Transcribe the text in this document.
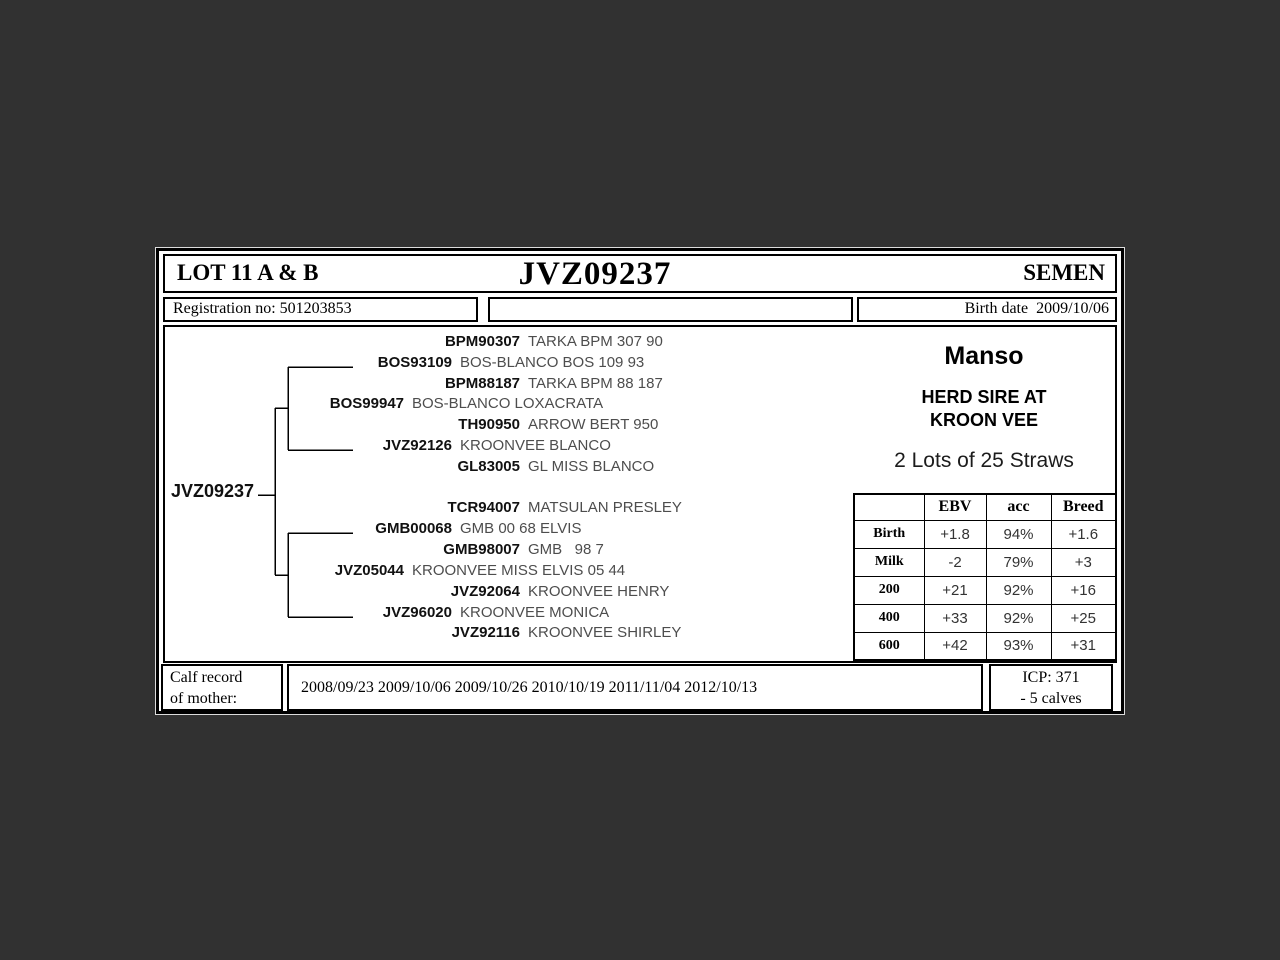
LOT 11 A & B	JVZ09237	SEMEN
Registration no: 501203853	Birth date  2009/10/06
JVZ09237
BPM90307 TARKA BPM 307 90
BOS93109 BOS-BLANCO BOS 109 93
BPM88187 TARKA BPM 88 187
BOS99947 BOS-BLANCO LOXACRATA
TH90950 ARROW BERT 950
JVZ92126 KROONVEE BLANCO
GL83005 GL MISS BLANCO
TCR94007 MATSULAN PRESLEY
GMB00068 GMB 00 68 ELVIS
GMB98007 GMB   98 7
JVZ05044 KROONVEE MISS ELVIS 05 44
JVZ92064 KROONVEE HENRY
JVZ96020 KROONVEE MONICA
JVZ92116 KROONVEE SHIRLEY
Manso
HERD SIRE AT
KROON VEE
2 Lots of 25 Straws
	EBV	acc	Breed
Birth	+1.8	94%	+1.6
Milk	-2	79%	+3
200	+21	92%	+16
400	+33	92%	+25
600	+42	93%	+31
Calf record
of mother:
2008/09/23 2009/10/06 2009/10/26 2010/10/19 2011/11/04 2012/10/13
ICP: 371
- 5 calves
